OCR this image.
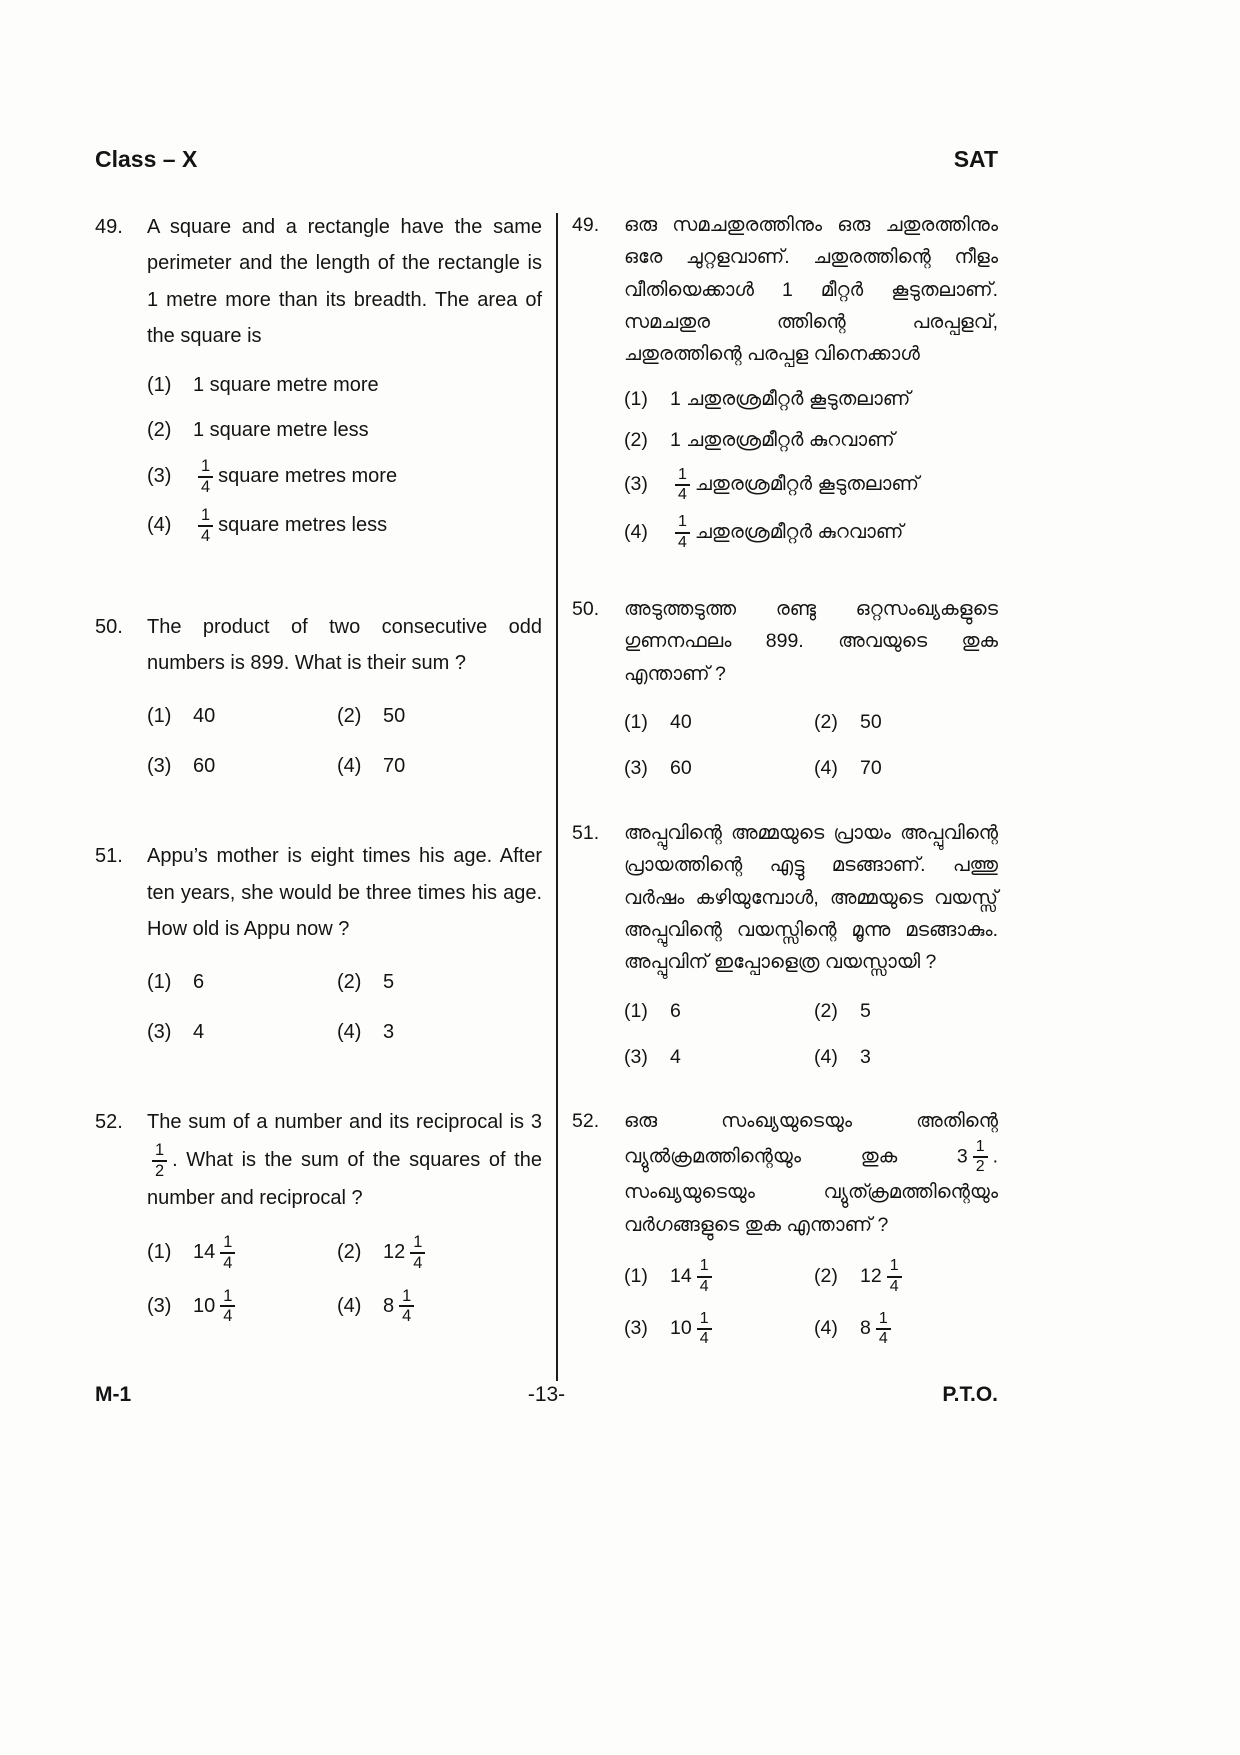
Class – X	SAT
49.	A square and a rectangle have the same perimeter and the length of the rectangle is 1 metre more than its breadth. The area of the square is
(1) 1 square metre more
(2) 1 square metre less
$(3) \frac{1}{4}$ square metres more
$(4) \frac{1}{4}$ square metres less
50.	The product of two consecutive odd numbers is 899. What is their sum ?
(1) 40	(2) 50
(3) 60	(4) 70
51.	Appu’s mother is eight times his age. After ten years, she would be three times his age. How old is Appu now ?
(1) 6	(2) 5
(3) 4	(4) 3
52.	The sum of a number and its reciprocal is 3
$\frac{1}{2}$ . What is the sum of the squares of the number and reciprocal ?
(1) $14 \frac{1}{4}$	(2) $12 \frac{1}{4}$
(3) $10 \frac{1}{4}$	(4) $8 \frac{1}{4}$
49.	ഒരു സമചതുരത്തിനും ഒരു ചതുരത്തിനും ഒരേ ചുറ്റളവാണ്. ചതുരത്തിന്റെ നീളം വീതിയെക്കാൾ 1 മീറ്റർ കൂടുതലാണ്. സമചതുര ത്തിന്റെ പരപ്പളവ്, ചതുരത്തിന്റെ പരപ്പള വിനെക്കാൾ
(1) 1 ചതുരശ്രമീറ്റർ കൂടുതലാണ്
(2) 1 ചതുരശ്രമീറ്റർ കുറവാണ്
$(3) \frac{1}{4}$ ചതുരശ്രമീറ്റർ കൂടുതലാണ്
$(4) \frac{1}{4}$ ചതുരശ്രമീറ്റർ കുറവാണ്
50.	അടുത്തടുത്ത രണ്ടു ഒറ്റസംഖ്യകളുടെ ഗുണനഫലം 899. അവയുടെ തുക എന്താണ് ?
(1) 40	(2) 50
(3) 60	(4) 70
51.	അപ്പുവിന്റെ അമ്മയുടെ പ്രായം അപ്പുവിന്റെ പ്രായത്തിന്റെ എട്ടു മടങ്ങാണ്. പത്തു വർഷം കഴിയുമ്പോൾ, അമ്മയുടെ വയസ്സ് അപ്പുവിന്റെ വയസ്സിന്റെ മൂന്നു മടങ്ങാകും. അപ്പുവിന് ഇപ്പോളെത്ര വയസ്സായി ?
(1) 6	(2) 5
(3) 4	(4) 3
52.	ഒരു സംഖ്യയുടെയും അതിന്റെ വ്യുൽക്രമത്തിന്റെയും തുക $3 \frac{1}{2}$ . സംഖ്യയുടെയും വ്യുത്ക്രമത്തിന്റെയും വർഗങ്ങളുടെ തുക എന്താണ് ?
(1) $14 \frac{1}{4}$	(2) $12 \frac{1}{4}$
(3) $10 \frac{1}{4}$	(4) $8 \frac{1}{4}$
M-1	-13-	P.T.O.
